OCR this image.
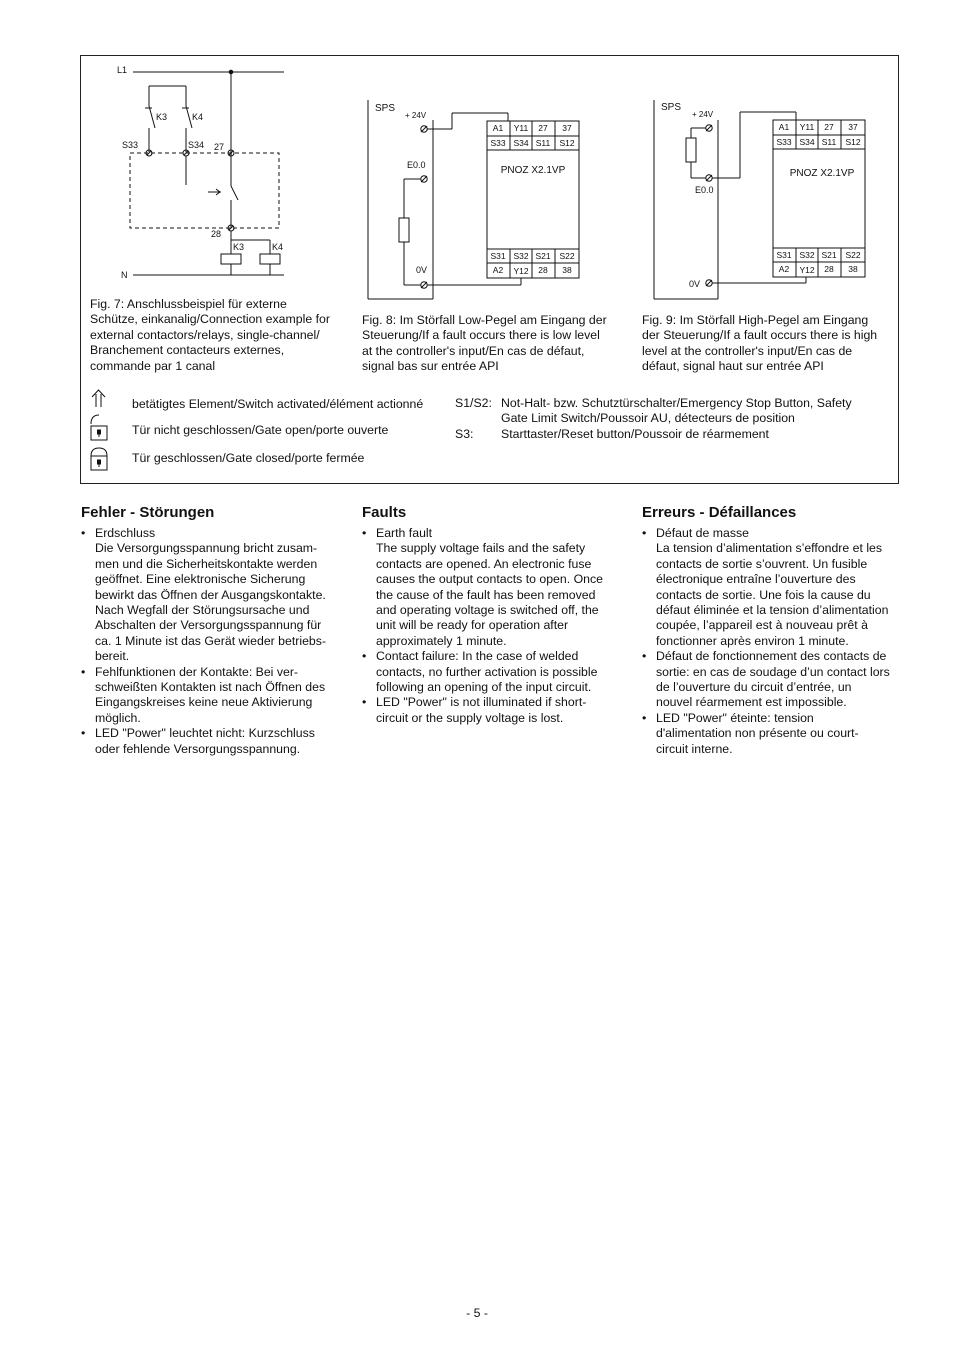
L1
K3	K4
S33	S34 27
28
K3	K4
N
Fig. 7: Anschlussbeispiel für externe
Schütze, einkanalig/Connection example for
external contactors/relays, single-channel/
Branchement contacteurs externes,
commande par 1 canal
SPS
+ 24V
E0.0
0V
PNOZ X2.1VP
A1 Y11 27 37
S33 S34 S11 S12
S31 S32 S21 S22
A2 Y12 28 38
Fig. 8: Im Störfall Low-Pegel am Eingang der
Steuerung/If a fault occurs there is low level
at the controller's input/En cas de défaut,
signal bas sur entrée API
SPS
+ 24V
E0.0
0V
PNOZ X2.1VP
A1 Y11 27 37
S33 S34 S11 S12
S31 S32 S21 S22
A2 Y12 28 38
Fig. 9: Im Störfall High-Pegel am Eingang
der Steuerung/If a fault occurs there is high
level at the controller's input/En cas de
défaut, signal haut sur entrée API
betätigtes Element/Switch activated/élément actionné
Tür nicht geschlossen/Gate open/porte ouverte
Tür geschlossen/Gate closed/porte fermée
S1/S2: Not-Halt- bzw. Schutztürschalter/Emergency Stop Button, Safety
Gate Limit Switch/Poussoir AU, détecteurs de position
S3: Starttaster/Reset button/Poussoir de réarmement
Fehler - Störungen
• Erdschluss
Die Versorgungsspannung bricht zusam-
men und die Sicherheitskontakte werden
geöffnet. Eine elektronische Sicherung
bewirkt das Öffnen der Ausgangskontakte.
Nach Wegfall der Störungsursache und
Abschalten der Versorgungsspannung für
ca. 1 Minute ist das Gerät wieder betriebs-
bereit.
• Fehlfunktionen der Kontakte: Bei ver-
schweißten Kontakten ist nach Öffnen des
Eingangskreises keine neue Aktivierung
möglich.
• LED "Power" leuchtet nicht: Kurzschluss
oder fehlende Versorgungsspannung.
Faults
• Earth fault
The supply voltage fails and the safety
contacts are opened. An electronic fuse
causes the output contacts to open. Once
the cause of the fault has been removed
and operating voltage is switched off, the
unit will be ready for operation after
approximately 1 minute.
• Contact failure: In the case of welded
contacts, no further activation is possible
following an opening of the input circuit.
• LED "Power" is not illuminated if short-
circuit or the supply voltage is lost.
Erreurs - Défaillances
• Défaut de masse
La tension d’alimentation s’effondre et les
contacts de sortie s’ouvrent. Un fusible
électronique entraîne l’ouverture des
contacts de sortie. Une fois la cause du
défaut éliminée et la tension d’alimentation
coupée, l’appareil est à nouveau prêt à
fonctionner après environ 1 minute.
• Défaut de fonctionnement des contacts de
sortie: en cas de soudage d’un contact lors
de l’ouverture du circuit d’entrée, un
nouvel réarmement est impossible.
• LED "Power" éteinte: tension
d'alimentation non présente ou court-
circuit interne.
- 5 -
